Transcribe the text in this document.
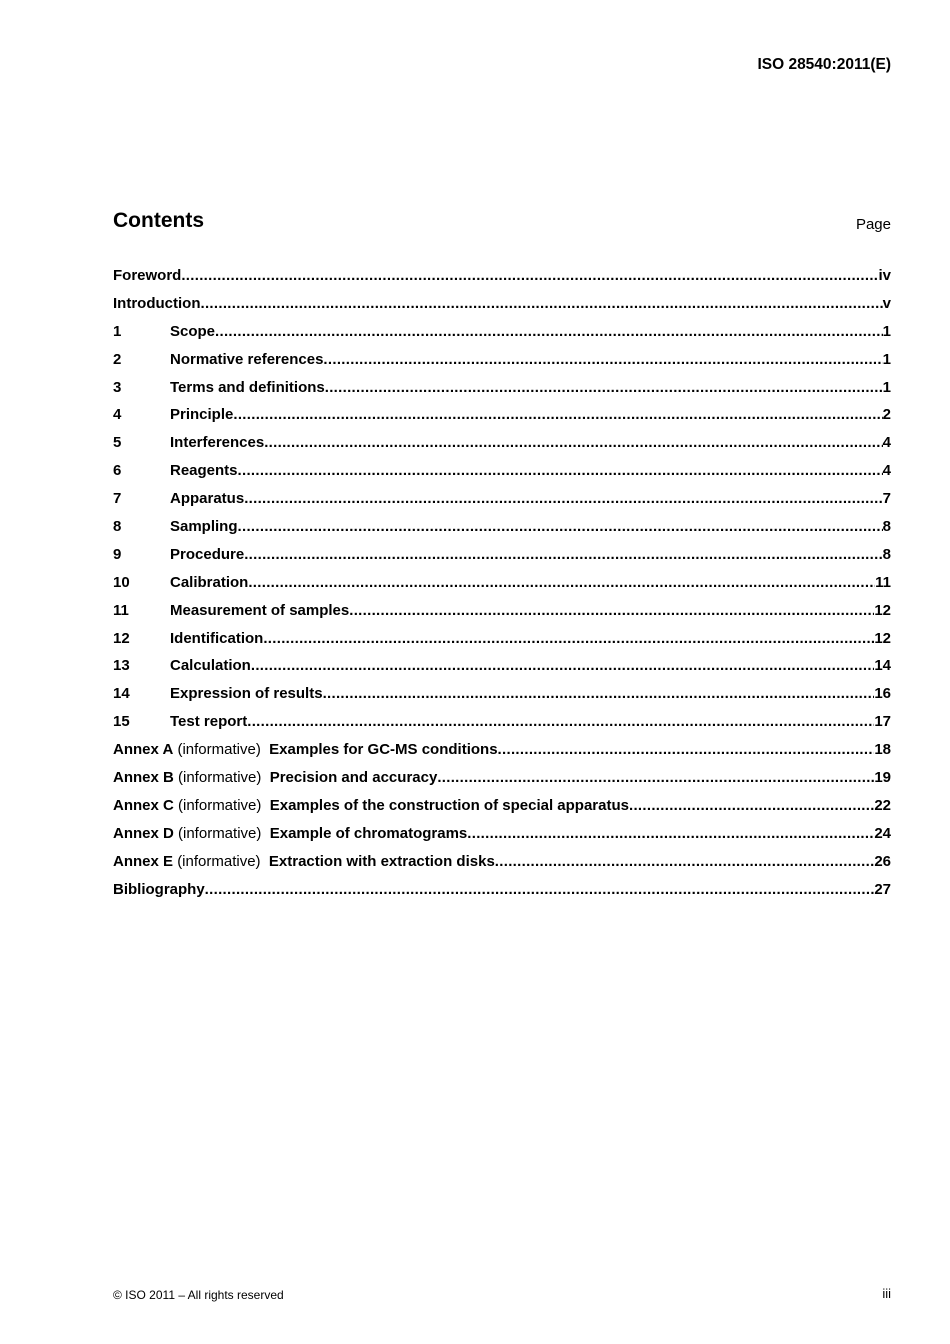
ISO 28540:2011(E)
Contents	Page
Foreword .....	iv
Introduction .....	v
1	Scope .....	1
2	Normative references .....	1
3	Terms and definitions .....	1
4	Principle .....	2
5	Interferences .....	4
6	Reagents .....	4
7	Apparatus .....	7
8	Sampling .....	8
9	Procedure .....	8
10	Calibration .....	11
11	Measurement of samples .....	12
12	Identification .....	12
13	Calculation .....	14
14	Expression of results .....	16
15	Test report .....	17
Annex A (informative) Examples for GC-MS conditions .....	18
Annex B (informative) Precision and accuracy .....	19
Annex C (informative) Examples of the construction of special apparatus .....	22
Annex D (informative) Example of chromatograms .....	24
Annex E (informative) Extraction with extraction disks .....	26
Bibliography .....	27
© ISO 2011 – All rights reserved	iii
